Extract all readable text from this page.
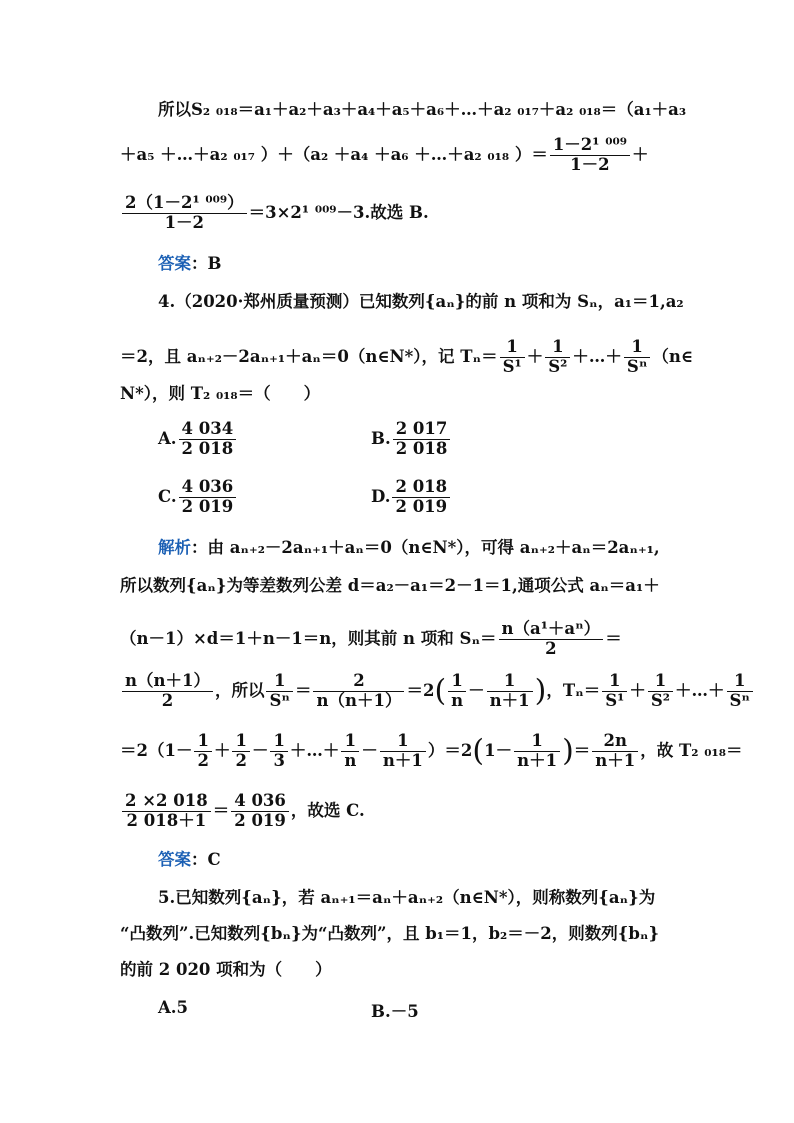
所以S₂ ₀₁₈＝a₁＋a₂＋a₃＋a₄＋a₅＋a₆＋…＋a₂ ₀₁₇＋a₂ ₀₁₈＝（a₁＋a₃
＋a₅ ＋…＋a₂ ₀₁₇ ）＋（a₂ ＋a₄ ＋a₆ ＋…＋a₂ ₀₁₈ ）＝ $\frac{\text{1－2¹ ⁰⁰⁹}}{1-2}$ ＋
$\frac{\text{2（1－2¹ ⁰⁰⁹）}}{1-2} =3\times 2^1$ ⁰⁰⁹－3.故选 B.
答案：B
4.（2020·郑州质量预测）已知数列{aₙ}的前 n 项和为 Sₙ，a₁＝1,a₂
＝2，且 aₙ₊₂－2aₙ₊₁＋aₙ＝0（n∈N*），记 $T_n= \frac{1}{\text{S¹}} + \frac{1}{\text{S²}}$ ＋…＋ $\frac{1}{\text{Sⁿ}}$ （n∈
N*），则 T₂ ₀₁₈＝（　　）
A. $\frac{4 034}{2 018}$	B. $\frac{2 017}{2 018}$
C. $\frac{4 036}{2 019}$	D. $\frac{2 018}{2 019}$
解析：由 aₙ₊₂－2aₙ₊₁＋aₙ＝0（n∈N*），可得 aₙ₊₂＋aₙ＝2aₙ₊₁,
所以数列{aₙ}为等差数列公差 d＝a₂－a₁＝2－1＝1,通项公式 aₙ＝a₁＋
（n－1）×d＝1＋n－1＝n，则其前 n 项和 $S_n= \frac{\text{n（a¹＋aⁿ）}}{2}$ ＝
$\frac{n(n+1)}{2}$ ，所以 $\frac{1}{\text{Sⁿ}} = \frac{2}{n(n+1)} =2( \frac{1}{n} - \frac{1}{n+1}$ )，$T_n= \frac{1}{\text{S¹}} + \frac{1}{\text{S²}}$ ＋…＋ $\frac{1}{\text{Sⁿ}}$
$=2(1- \frac{1}{2} + \frac{1}{2} - \frac{1}{3}$ ＋…＋ $\frac{1}{n} - \frac{1}{n+1} )=2(1- \frac{1}{n+1}$ )＝ $\frac{2n}{n+1}$ ，故 T₂ ₀₁₈＝
$\frac{2 \times 2 018}{2 018+1} = \frac{4 036}{2 019}$ ，故选 C.
答案：C
5.已知数列{aₙ}，若 aₙ₊₁＝aₙ＋aₙ₊₂（n∈N*），则称数列{aₙ}为
“凸数列”.已知数列{bₙ}为“凸数列”，且 b₁＝1，b₂＝－2，则数列{bₙ}
的前 2 020 项和为（　　）
A.5	B.－5
